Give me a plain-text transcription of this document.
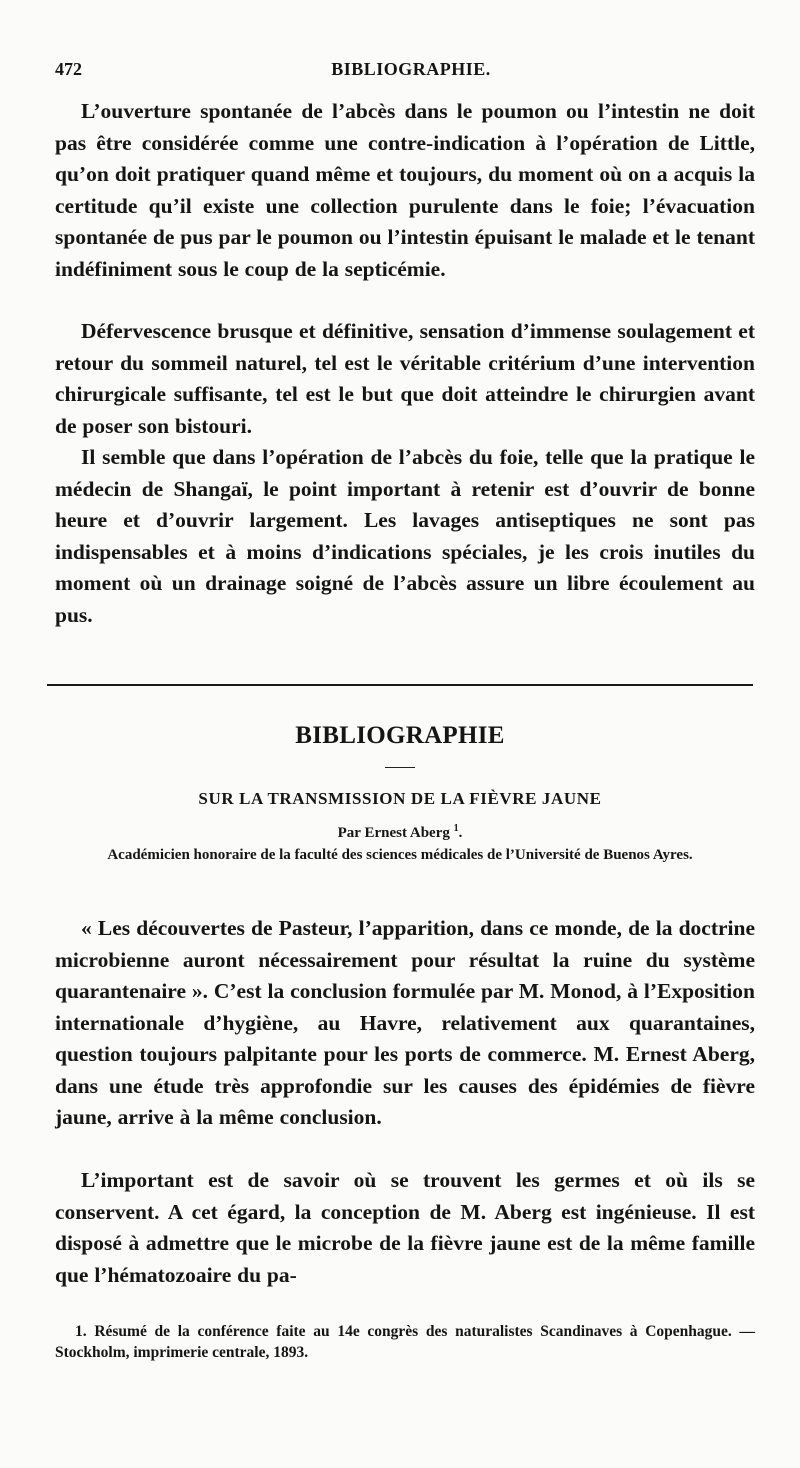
472	BIBLIOGRAPHIE.

L’ouverture spontanée de l’abcès dans le poumon ou l’intestin ne doit pas être considérée comme une contre-indication à l’opération de Little, qu’on doit pratiquer quand même et toujours, du moment où on a acquis la certitude qu’il existe une collection purulente dans le foie; l’évacuation spontanée de pus par le poumon ou l’intestin épuisant le malade et le tenant indéfiniment sous le coup de la septicémie.

Défervescence brusque et définitive, sensation d’immense soulagement et retour du sommeil naturel, tel est le véritable critérium d’une intervention chirurgicale suffisante, tel est le but que doit atteindre le chirurgien avant de poser son bistouri.

Il semble que dans l’opération de l’abcès du foie, telle que la pratique le médecin de Shangaï, le point important à retenir est d’ouvrir de bonne heure et d’ouvrir largement. Les lavages antiseptiques ne sont pas indispensables et à moins d’indications spéciales, je les crois inutiles du moment où un drainage soigné de l’abcès assure un libre écoulement au pus.

BIBLIOGRAPHIE
SUR LA TRANSMISSION DE LA FIÈVRE JAUNE
Par Ernest Aberg $^1$.

Académicien honoraire de la faculté des sciences médicales de l’Université de Buenos Ayres.

« Les découvertes de Pasteur, l’apparition, dans ce monde, de la doctrine microbienne auront nécessairement pour résultat la ruine du système quarantenaire ». C’est la conclusion formulée par M. Monod, à l’Exposition internationale d’hygiène, au Havre, relativement aux quarantaines, question toujours palpitante pour les ports de commerce. M. Ernest Aberg, dans une étude très approfondie sur les causes des épidémies de fièvre jaune, arrive à la même conclusion.

L’important est de savoir où se trouvent les germes et où ils se conservent. A cet égard, la conception de M. Aberg est ingénieuse. Il est disposé à admettre que le microbe de la fièvre jaune est de la même famille que l’hématozoaire du pa-

1. Résumé de la conférence faite au 14e congrès des naturalistes Scandinaves à Copenhague. — Stockholm, imprimerie centrale, 1893.
